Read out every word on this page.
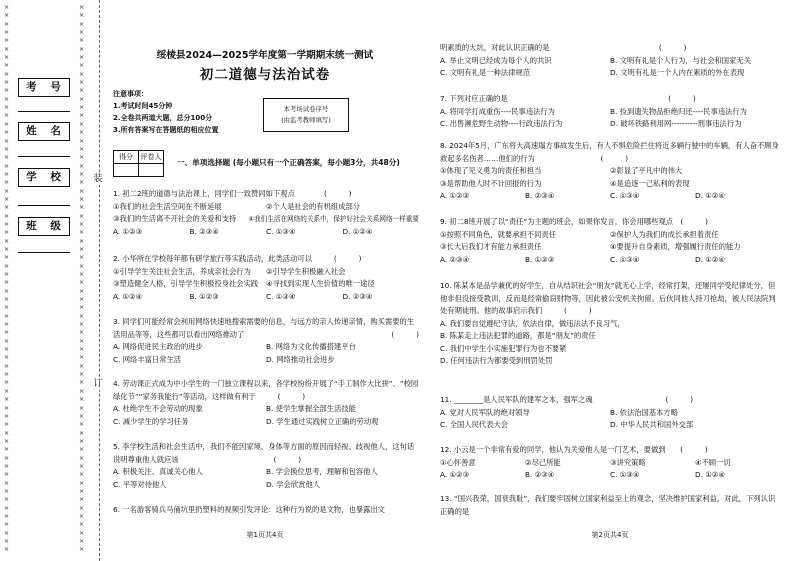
×
×
×
×
×
×
×
×
×
×
×
×
×
×
×
×
×
×
×
×
×
×
×
×
×
×
×
×
×
×
×
×
×
×
×
×
×
×
×
×
×
×
×
×
×
×
×
×
×
×
×
×
×
×
×
×
×
×
×
×
×
×
×
×
×
×
×
×
×
×
×
×
×
×
×
×
×
×
×
×
×
×
×
×
×
×
×
×
×
×
×
×
×
×
×
×
×
×
×
×
×
×
×
×
×
×
×
×
×
×
×
×
×
×
×
×
×
×
×
×
×
×
×
×
×
×
×
×
×
×
×
×
考 号
姓 名
学 校
班 级
装
订
绥棱县2024—2025学年度第一学期期末统一测试
初二道德与法治试卷
注意事项：
1.考试时间45分钟
2.全卷共两道大题，总分100分
3.所有答案写在答题纸的相应位置
本考场试卷序号
(由监考教师填写)
得分	评卷人

一、单项选择题 (每小题只有一个正确答案，每小题3分，共48分)
1. 初二2班的道德与法治课上，同学们一致赞同如下观点　　　　(　　　)
①我们的社会生活空间在不断延展	②个人是社会的有机组成部分
③我们的生活离不开社会的关爱和支持	④我们生活在网络的关系中，保护好社会关系网络一样重要
A. ①②③	B. ②③④	C. ①③④	D. ①②④
2. 小华所在学校每年都有研学旅行等实践活动，此类活动可以　　　(　　　)
①引导学生关注社会生活，养成亲社会行为	②引导学生积极融入社会
③塑造健全人格，引导学生积极投身社会实践	④寻找到实现人生价值的唯一途径
A. ①②④	B. ①②③	C. ①③④	D. ②③④
3. 同学们可能经常会利用网络快速地搜索需要的信息，与远方的亲人传递亲情，购买需要的生活用品等等，这些都可以看出网络推动了	(　　　)
A. 网络促进民主政治的进步	B. 网络为文化传播搭建平台
C. 网络丰富日常生活	D. 网络推动社会进步
4. 劳动课正式成为中小学生的一门独立课程以来，各学校纷纷开展了“手工制作大比拼”、“校园绿化节”“家务我能行”等活动，这样做有利于　　　(　　　)
A. 杜绝学生不会劳动的现象	B. 使学生掌握全部生活技能
C. 减少学生的学习任务	D. 学生通过实践树立正确的劳动观
5. 李学校生活和社会生活中，我们不能因家境、身体等方面的原因而轻视、歧视他人，这句话说明尊重他人就应该　　　　　　　　　　　　　(　　　)
A. 积极关注、真诚关心他人	B. 学会换位思考，理解和包容他人
C. 平等对待他人	D. 学会欣赏他人
6. 一名游客骑兵马俑坑里扔塑料的视频引发评论：这种行为说的是文物，也暴露出文
第1页共4页
明素质的大坑，对此认识正确的是　　　　　　　　　　　　　　　(　　　)
A. 举止文明已经成为每个人的共识	B. 文明有礼是个人行为，与社会和国家无关
C. 文明有礼是一种法律规范	D. 文明有礼是一个人内在素质的外在表现
7. 下列对应正确的是　　　　　　　　　　　　　　　　　　　　　　(　　　)
A. 将同学打成重伤----民事违法行为	B. 捡到遗失物品拒绝归还----民事违法行为
C. 出售濒危野生动物----行政违法行为	D. 破坏铁路利用网----------刑事违法行为
8. 2024年5月，广东将大高速塌方事故发生后，有人不惧危险拦住将近多辆行驶中的车辆，有人奋不顾身救起多名伤者……他们的行为　　　　　　　　　(　　　)
①体现了见义勇为的责任和担当	②彰显了平凡中的伟大
③是帮助他人时不计回报的行为	④是追逐一己私利的表现
A. ①②③	B. ②③④	C. ①③④	D. ①②④
9. 初二8班开展了以“责任”为主题的班会，如果你发言，你会用哪些观点　(　　　)
①按照不同角色，就要承担不同责任	②保护人为我们的成长承担着责任
③长大后我们才有能力承担责任	④要提升自身素质，增强履行责任的能力
A. ②③④	B. ①②③	C. ①③④	D. ①②④
10. 陈某本是品学兼优的好学生，自从结识社会“朋友”就无心上学，经常打架，还屡同学受纪律处分，但他非但没接受教训，反而是经常偷窃财物等，因此被公安机关拘留。后伙同他人持刀抢劫，被人民法院判处有期徒刑。他的故事启示我们　　　(　　　)
A. 我们要自觉遵纪守法，依法自律，做违法法不良习气，
B. 陈某走上违法犯罪的道路，都是“朋友”的责任
C. 我们中学生小实施犯罪行为也不要紧
D. 任何违法行为都要受到刑罚处罚
11. ________是人民军队的建军之本，强军之魂　　　　　　　　　　(　　　)
A. 党对人民军队的绝对领导	B. 依法治国基本方略
C. 全国人民代表大会	D. 中华人民共和国外交部
12. 小云是一个非常有爱的同学，他认为关爱他人是一门艺术，要做到　　(　　　)
①心怀善意	②尽己所能	③讲究策略	④不顾一切
A. ①②③	B. ②③④	C. ①③④	D. ①②④
13. “国兴我荣，国衰我耻”，我们要牢固树立国家利益至上的观念，坚决维护国家利益，对此，下列认识正确的是
第2页共4页
